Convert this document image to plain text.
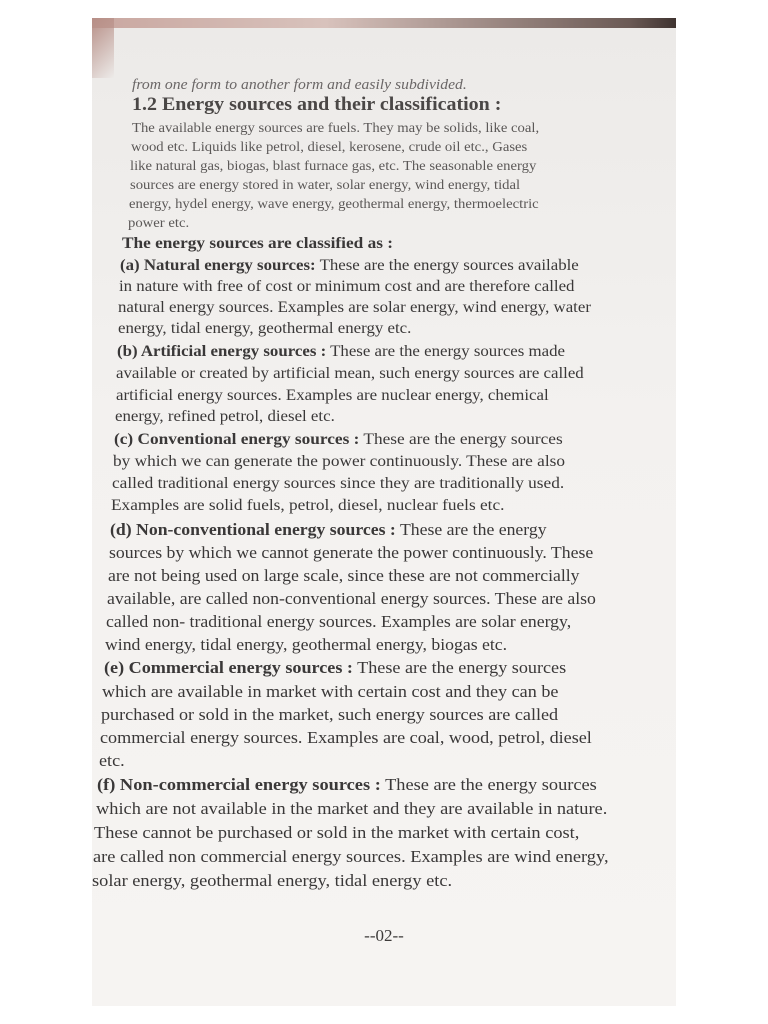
from one form to another form and easily subdivided.
1.2 Energy sources and their classification :
The available energy sources are fuels. They may be solids, like coal,
wood etc. Liquids like petrol, diesel, kerosene, crude oil etc., Gases
like natural gas, biogas, blast furnace gas, etc. The seasonable energy
sources are energy stored in water, solar energy, wind energy, tidal
energy, hydel energy, wave energy, geothermal energy, thermoelectric
power etc.
The energy sources are classified as :
(a) Natural energy sources: These are the energy sources available
in nature with free of cost or minimum cost and are therefore called
natural energy sources. Examples are solar energy, wind energy, water
energy, tidal energy, geothermal energy etc.
(b) Artificial energy sources : These are the energy sources made
available or created by artificial mean, such energy sources are called
artificial energy sources. Examples are nuclear energy, chemical
energy, refined petrol, diesel etc.
(c) Conventional energy sources : These are the energy sources
by which we can generate the power continuously. These are also
called traditional energy sources since they are traditionally used.
Examples are solid fuels, petrol, diesel, nuclear fuels etc.
(d) Non-conventional energy sources : These are the energy
sources by which we cannot generate the power continuously. These
are not being used on large scale, since these are not commercially
available, are called non-conventional energy sources. These are also
called non- traditional energy sources. Examples are solar energy,
wind energy, tidal energy, geothermal energy, biogas etc.
(e) Commercial energy sources : These are the energy sources
which are available in market with certain cost and they can be
purchased or sold in the market, such energy sources are called
commercial energy sources. Examples are coal, wood, petrol, diesel
etc.
(f) Non-commercial energy sources : These are the energy sources
which are not available in the market and they are available in nature.
These cannot be purchased or sold in the market with certain cost,
are called non commercial energy sources. Examples are wind energy,
solar energy, geothermal energy, tidal energy etc.
--02--
